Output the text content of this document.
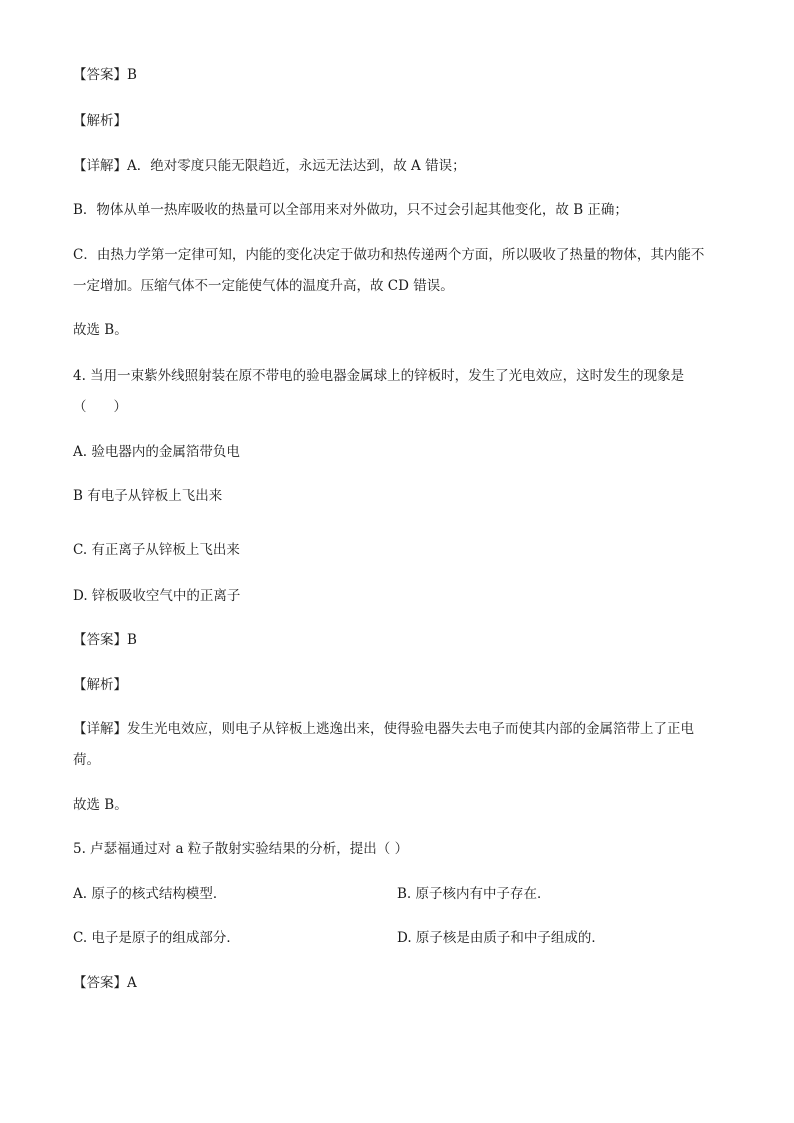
【答案】B
【解析】
【详解】A．绝对零度只能无限趋近，永远无法达到，故 A 错误；
B．物体从单一热库吸收的热量可以全部用来对外做功，只不过会引起其他变化，故 B 正确；
C．由热力学第一定律可知，内能的变化决定于做功和热传递两个方面，所以吸收了热量的物体，其内能不
一定增加。压缩气体不一定能使气体的温度升高，故 CD 错误。
故选 B。
4. 当用一束紫外线照射装在原不带电的验电器金属球上的锌板时，发生了光电效应，这时发生的现象是
（　　）
A. 验电器内的金属箔带负电
B 有电子从锌板上飞出来
C. 有正离子从锌板上飞出来
D. 锌板吸收空气中的正离子
【答案】B
【解析】
【详解】发生光电效应，则电子从锌板上逃逸出来，使得验电器失去电子而使其内部的金属箔带上了正电
荷。
故选 B。
5. 卢瑟福通过对 a 粒子散射实验结果的分析，提出（ ）
A. 原子的核式结构模型．	B. 原子核内有中子存在．
C. 电子是原子的组成部分．	D. 原子核是由质子和中子组成的．
【答案】A
